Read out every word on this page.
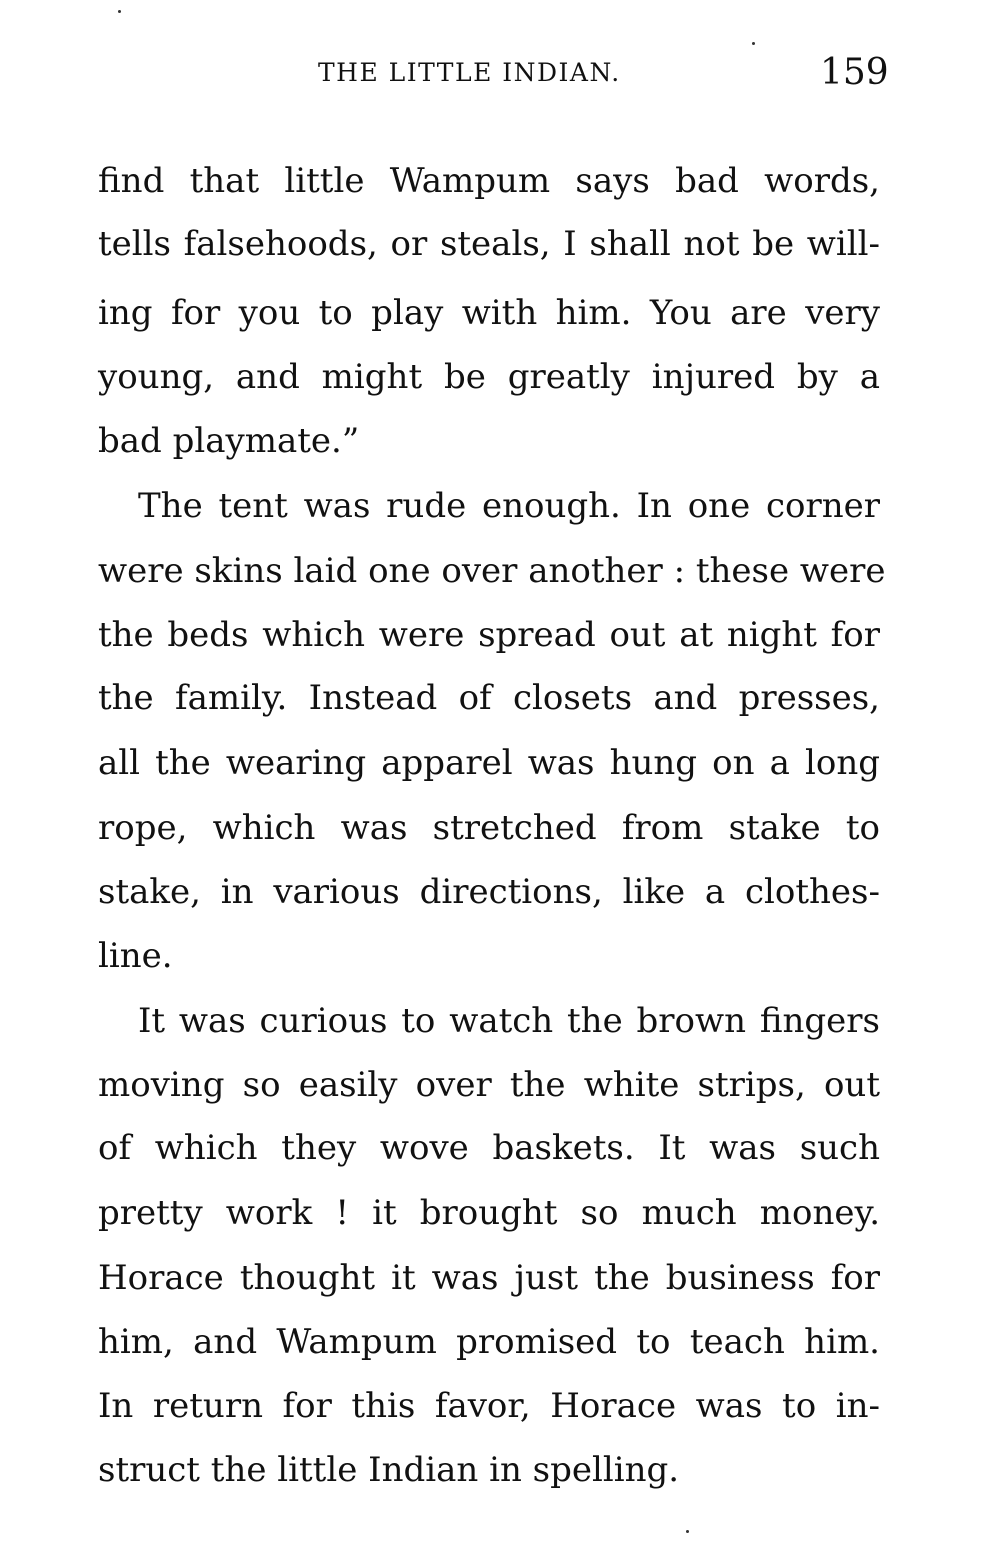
THE LITTLE INDIAN.	159
find that little Wampum says bad words,
tells falsehoods, or steals, I shall not be will-
ing for you to play with him. You are very
young, and might be greatly injured by a
bad playmate.”
The tent was rude enough. In one corner
were skins laid one over another : these were
the beds which were spread out at night for
the family. Instead of closets and presses,
all the wearing apparel was hung on a long
rope, which was stretched from stake to
stake, in various directions, like a clothes-
line.
It was curious to watch the brown fingers
moving so easily over the white strips, out
of which they wove baskets. It was such
pretty work ! it brought so much money.
Horace thought it was just the business for
him, and Wampum promised to teach him.
In return for this favor, Horace was to in-
struct the little Indian in spelling.
